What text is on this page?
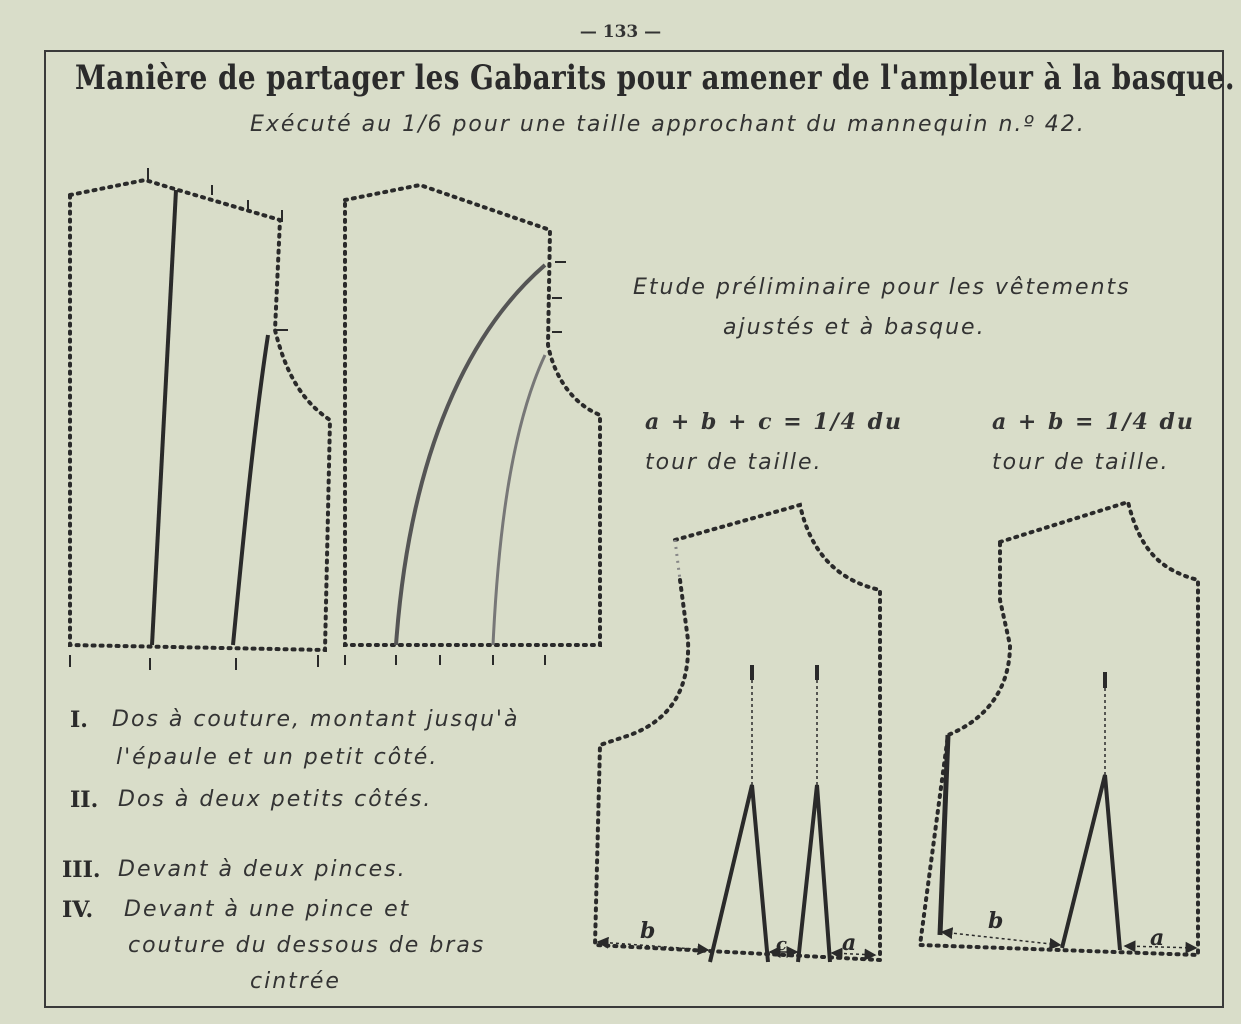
— 133 —
Manière de partager les Gabarits pour amener de l'ampleur à la basque.
Exécuté au 1/6 pour une taille approchant du mannequin n.º 42.
Etude préliminaire pour les vêtements
ajustés et à basque.
a + b + c = 1/4 du
tour de taille.
a + b = 1/4 du
tour de taille.
I. Dos à couture, montant jusqu'à
l'épaule et un petit côté.
II. Dos à deux petits côtés.
III. Devant à deux pinces.
IV. Devant à une pince et
couture du dessous de bras
cintrée
b
c	a
b
a
